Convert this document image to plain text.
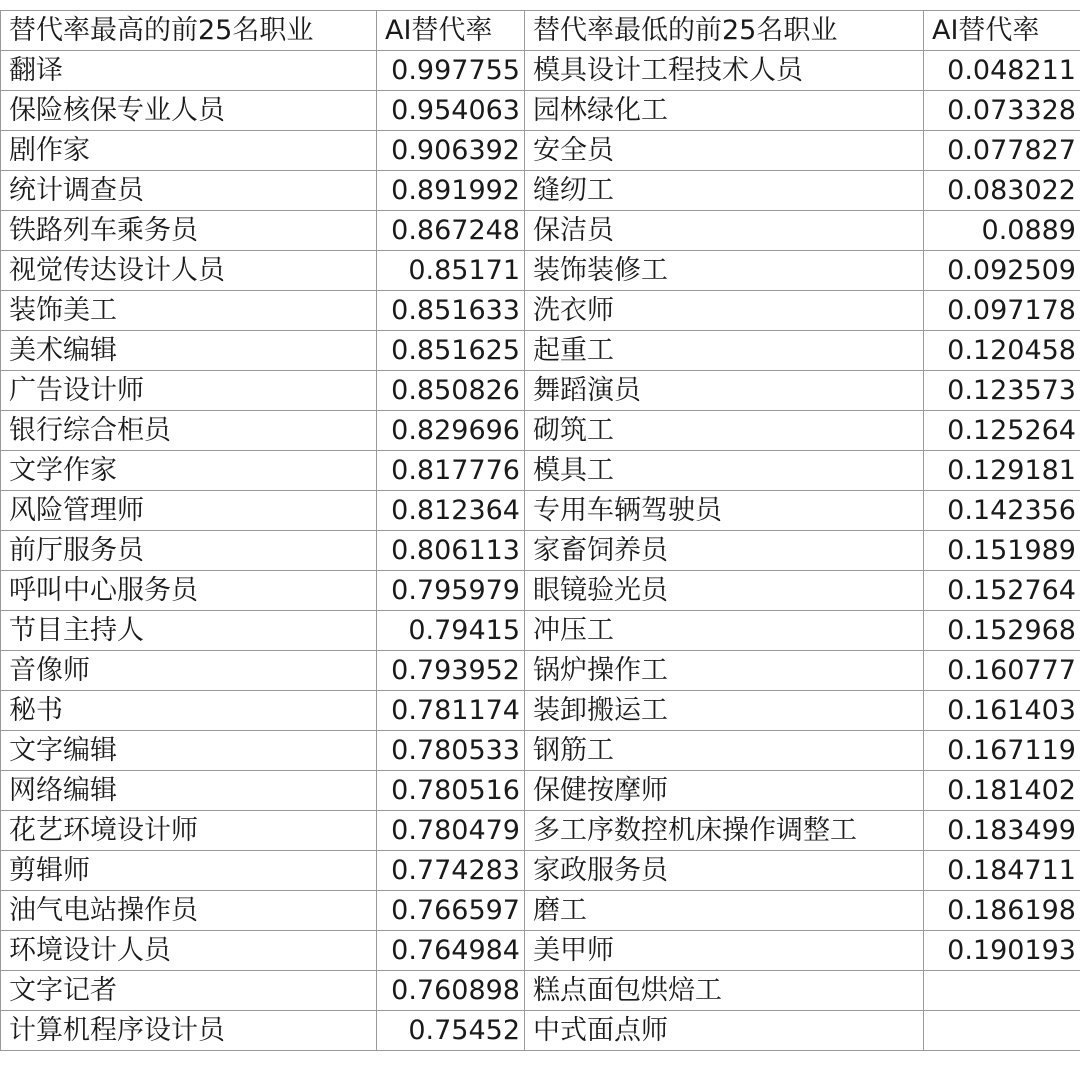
替代率最高的前25名职业	AI替代率	替代率最低的前25名职业	AI替代率
翻译	0.997755	模具设计工程技术人员	0.048211
保险核保专业人员	0.954063	园林绿化工	0.073328
剧作家	0.906392	安全员	0.077827
统计调查员	0.891992	缝纫工	0.083022
铁路列车乘务员	0.867248	保洁员	0.0889
视觉传达设计人员	0.85171	装饰装修工	0.092509
装饰美工	0.851633	洗衣师	0.097178
美术编辑	0.851625	起重工	0.120458
广告设计师	0.850826	舞蹈演员	0.123573
银行综合柜员	0.829696	砌筑工	0.125264
文学作家	0.817776	模具工	0.129181
风险管理师	0.812364	专用车辆驾驶员	0.142356
前厅服务员	0.806113	家畜饲养员	0.151989
呼叫中心服务员	0.795979	眼镜验光员	0.152764
节目主持人	0.79415	冲压工	0.152968
音像师	0.793952	锅炉操作工	0.160777
秘书	0.781174	装卸搬运工	0.161403
文字编辑	0.780533	钢筋工	0.167119
网络编辑	0.780516	保健按摩师	0.181402
花艺环境设计师	0.780479	多工序数控机床操作调整工	0.183499
剪辑师	0.774283	家政服务员	0.184711
油气电站操作员	0.766597	磨工	0.186198
环境设计人员	0.764984	美甲师	0.190193
文字记者	0.760898	糕点面包烘焙工	
计算机程序设计员	0.75452	中式面点师	
